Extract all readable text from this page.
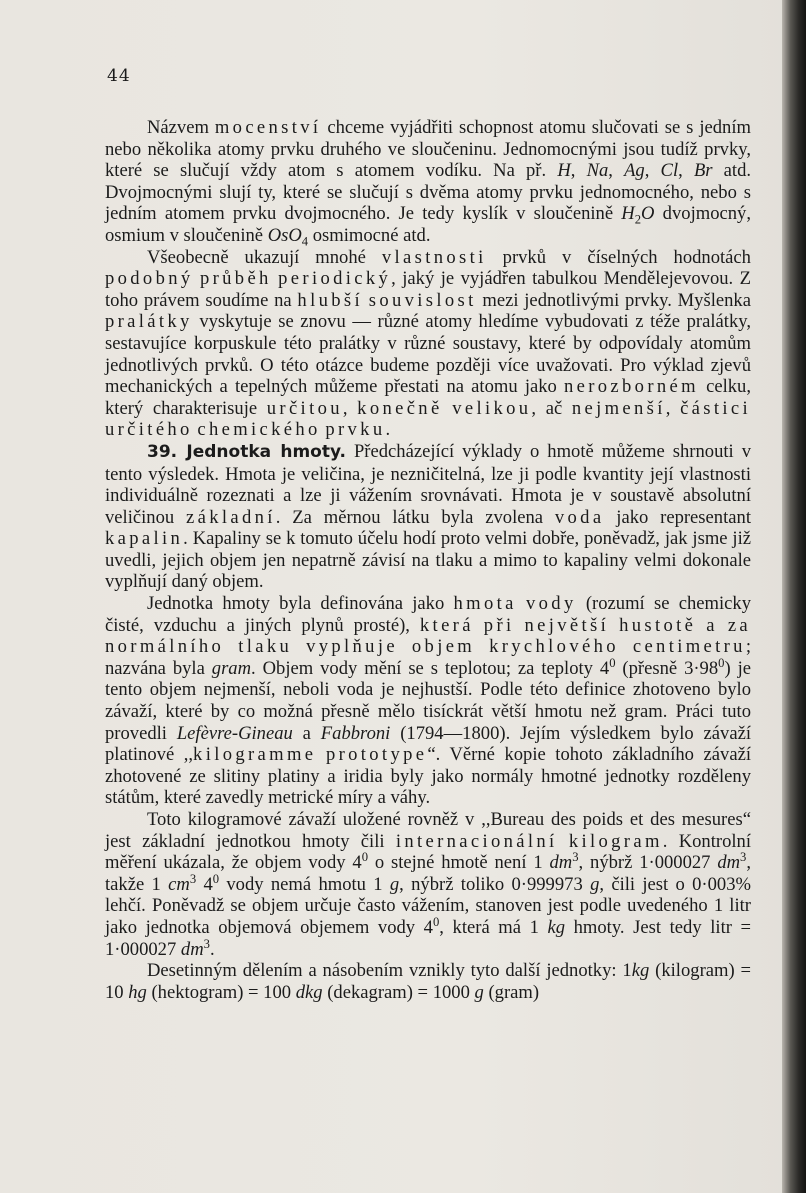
44

Názvem mocenství chceme vyjádřiti schopnost atomu slučovati se s jedním nebo několika atomy prvku druhého ve sloučeninu. Jednomocnými jsou tudíž prvky, které se slučují vždy atom s atomem vodíku. Na př. H, Na, Ag, Cl, Br atd. Dvojmocnými slují ty, které se slučují s dvěma atomy prvku jednomocného, nebo s jedním atomem prvku dvojmocného. Je tedy kyslík v sloučenině $H_2O$ dvojmocný, osmium v sloučenině OsO$_4$ osmimocné atd.

Všeobecně ukazují mnohé vlastnosti prvků v číselných hodnotách podobný průběh periodický, jaký je vyjádřen tabulkou Mendělejevovou. Z toho právem soudíme na hlubší souvislost mezi jednotlivými prvky. Myšlenka pralátky vyskytuje se znovu — různé atomy hledíme vybudovati z téže pralátky, sestavujíce korpuskule této pralátky v různé soustavy, které by odpovídaly atomům jednotlivých prvků. O této otázce budeme později více uvažovati. Pro výklad zjevů mechanických a tepelných můžeme přestati na atomu jako nerozborném celku, který charakterisuje určitou, konečně velikou, ač nejmenší, částici určitého chemického prvku.

39. Jednotka hmoty. Předcházející výklady o hmotě můžeme shrnouti v tento výsledek. Hmota je veličina, je nezničitelná, lze ji podle kvantity její vlastnosti individuálně rozeznati a lze ji vážením srovnávati. Hmota je v soustavě absolutní veličinou základní. Za měrnou látku byla zvolena voda jako representant kapalin. Kapaliny se k tomuto účelu hodí proto velmi dobře, poněvadž, jak jsme již uvedli, jejich objem jen nepatrně závisí na tlaku a mimo to kapaliny velmi dokonale vyplňují daný objem.

Jednotka hmoty byla definována jako hmota vody (rozumí se chemicky čisté, vzduchu a jiných plynů prosté), která při největší hustotě a za normálního tlaku vyplňuje objem krychlového centimetru; nazvána byla gram. Objem vody mění se s teplotou; za teploty $4^0$ (přesně $3\cdot 98^0$) je tento objem nejmenší, neboli voda je nejhustší. Podle této definice zhotoveno bylo závaží, které by co možná přesně mělo tisíckrát větší hmotu než gram. Práci tuto provedli Lefèvre-Gineau a Fabbroni (1794—1800). Jejím výsledkem bylo závaží platinové ,,kilogramme prototype“. Věrné kopie tohoto základního závaží zhotovené ze slitiny platiny a iridia byly jako normály hmotné jednotky rozděleny státům, které zavedly metrické míry a váhy.

Toto kilogramové závaží uložené rovněž v ,,Bureau des poids et des mesures“ jest základní jednotkou hmoty čili internacionální kilogram. Kontrolní měření ukázala, že objem vody $4^0$ o stejné hmotě není 1 $dm^3$, nýbrž 1·000027 $dm^3$, takže 1 $cm^3$ $4^0$ vody nemá hmotu 1 g, nýbrž toliko 0·999973 g, čili jest o 0·003% lehčí. Poněvadž se objem určuje často vážením, stanoven jest podle uvedeného 1 litr jako jednotka objemová objemem vody $4^0$, která má 1 kg hmoty. Jest tedy litr = 1·000027 $dm^3$.

Desetinným dělením a násobením vznikly tyto další jednotky: 1kg (kilogram) = 10 hg (hektogram) = 100 dkg (dekagram) = 1000 g (gram)
